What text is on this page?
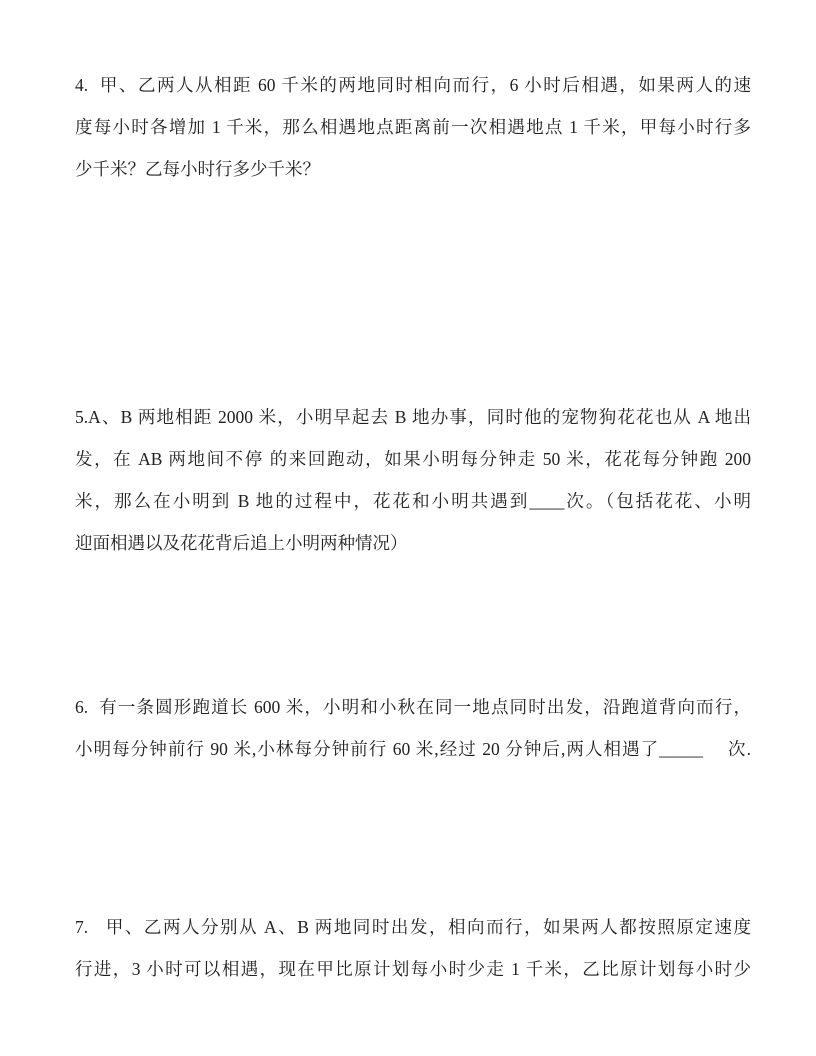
4.  甲、乙两人从相距 60 千米的两地同时相向而行，6 小时后相遇，如果两人的速
度每小时各增加 1 千米，那么相遇地点距离前一次相遇地点 1 千米，甲每小时行多
少千米？乙每小时行多少千米？
5.A、B 两地相距 2000 米，小明早起去 B 地办事，同时他的宠物狗花花也从 A 地出
发，在 AB 两地间不停 的来回跑动，如果小明每分钟走 50 米，花花每分钟跑 200
米，那么在小明到 B 地的过程中，花花和小明共遇到____次。（包括花花、小明
迎面相遇以及花花背后追上小明两种情况）
6.  有一条圆形跑道长 600 米，小明和小秋在同一地点同时出发，沿跑道背向而行，
小明每分钟前行 90 米,小林每分钟前行 60 米,经过 20 分钟后,两人相遇了_____　 次.
7.   甲、乙两人分别从 A、B 两地同时出发，相向而行，如果两人都按照原定速度
行进，3 小时可以相遇，现在甲比原计划每小时少走 1 千米，乙比原计划每小时少
